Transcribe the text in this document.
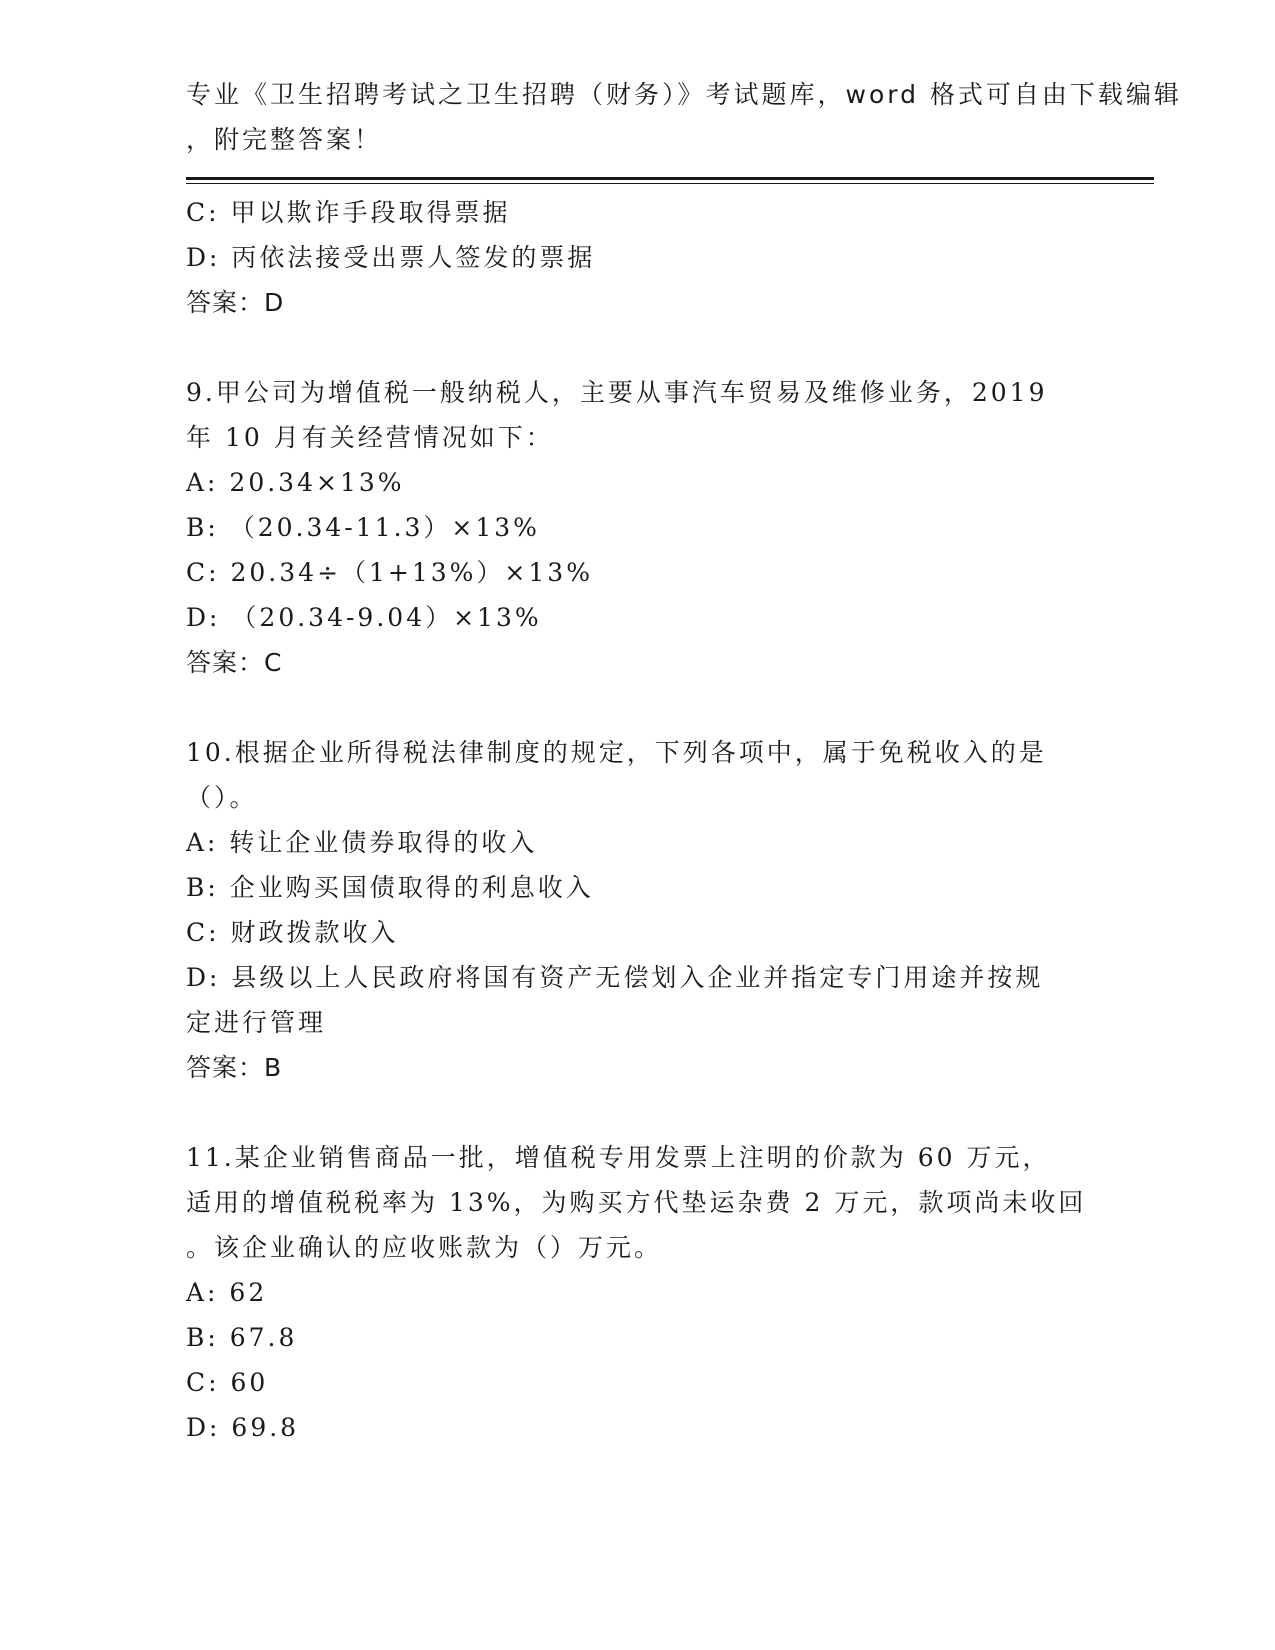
专业《卫生招聘考试之卫生招聘（财务）》考试题库，word 格式可自由下载编辑
，附完整答案！
C: 甲以欺诈手段取得票据
D: 丙依法接受出票人签发的票据
答案：D
9.甲公司为增值税一般纳税人，主要从事汽车贸易及维修业务，2019
年 10 月有关经营情况如下：
A: 20.34×13%
B: （20.34-11.3）×13%
C: 20.34÷（1+13%）×13%
D: （20.34-9.04）×13%
答案：C
10.根据企业所得税法律制度的规定，下列各项中，属于免税收入的是
（）。
A: 转让企业债券取得的收入
B: 企业购买国债取得的利息收入
C: 财政拨款收入
D: 县级以上人民政府将国有资产无偿划入企业并指定专门用途并按规
定进行管理
答案：B
11.某企业销售商品一批，增值税专用发票上注明的价款为 60 万元，
适用的增值税税率为 13%，为购买方代垫运杂费 2 万元，款项尚未收回
。该企业确认的应收账款为（）万元。
A: 62
B: 67.8
C: 60
D: 69.8
